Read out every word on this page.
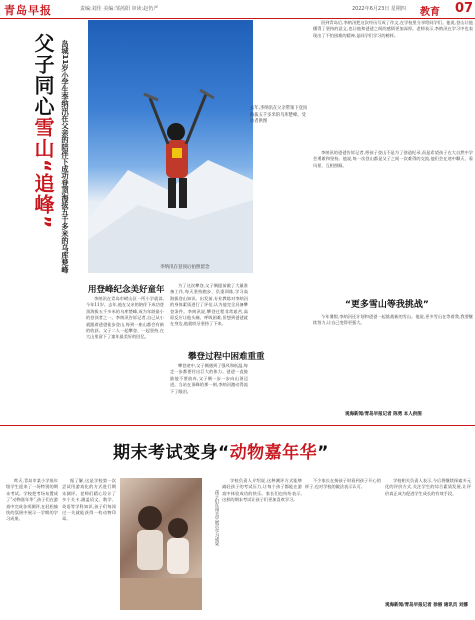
青岛早报	责编:刘佳 美编:邹茜阳 审读:赵仍严	2022年6月23日 星期四 教育 07
父子同心雪山“追峰” 岛城11岁小学生李纳汛在父亲的陪伴下成功登顶海拔五千多米的乌库楚峰	李纳汛在登顶后拍照留念
去年,李纳汛在父亲带领下登顶海拔五千多米的乌库楚峰。受访者供图
用登峰纪念美好童年

李纳汛在青岛市崂山区一所小学就读,今年11岁。去年,他在父亲的陪伴下成功登顶海拔五千多米的乌库楚峰,成为年龄最小的登顶者之一。李纳汛告诉记者,自己从小就跟着爸爸徒步登山,每到一座山都会有新的收获。父子二人一起攀登、一起坚持,在大山里留下了童年最美好的回忆。

为了这次攀登,父子俩提前做了大量准备工作,每天坚持跑步、负重训练,学习高海拔登山知识。出发前,专业教练对李纳汛的身体素质进行了评估,认为他完全具备攀登条件。李纳汛说,攀登过程非常艰苦,高原反应让他头痛、呼吸困难,但想到爸爸就在身边,他就咬牙坚持了下来。

攀登过程中困难重重

攀登途中,父子俩遇到了强风和低温,每走一步都要付出巨大的体力。爸爸一直鼓励他不要放弃,父子俩一步一步向山顶迈进。当站在顶峰的那一刻,李纳汛激动得流下了眼泪。

回到青岛后,李纳汛把这次经历写成了作文,在学校里分享给同学们。他说,登山让他懂得了坚持的意义,也让他和爸爸之间的感情更加深厚。老师表示,李纳汛在学习中也表现出了不怕困难的精神,是同学们学习的榜样。

李纳汛的爸爸告诉记者,带孩子登山不是为了创造纪录,而是希望孩子在大自然中学会勇敢和坚持。他说,每一次登山都是父子之间一次难得的交流,他们会在途中聊天、看风景、互相照顾。

“更多雪山等我挑战”

今年暑假,李纳汛还计划和爸爸一起挑战新的雪山。他说,更多雪山在等着我,我要继续努力,让自己变得更强大。

观海新闻/青岛早报记者 陈勇 本人供图
期末考试变身“动物嘉年华”

昨天,青岛市某小学低年级学生迎来了一场特别的期末考试。学校把考场布置成了“动物嘉年华”,孩子们在游戏中完成各项测评,在轻松愉快的氛围中展示一学期的学习成果。

据了解,这是学校第一次尝试用游戏化的方式进行期末测评。老师们精心设计了多个关卡,涵盖语文、数学、英语等学科知识,孩子们每闯过一关就能获得一枚动物印章。	孩子们在闯关中展示学习成果

学校负责人介绍说,这种测评方式能够减轻孩子的考试压力,让每个孩子都能在游戏中体验成功的快乐。家长们也纷纷表示,这样的期末考试让孩子们更加喜欢学习。

不少家长在接孩子时看到孩子开心的样子,也对学校的做法表示认可。

学校相关负责人表示,今后将继续探索多元化的评价方式,关注学生的综合素质发展,让评价真正成为促进学生成长的有效手段。

观海新闻/青岛早报记者 徐丽 通讯员 刘娜
